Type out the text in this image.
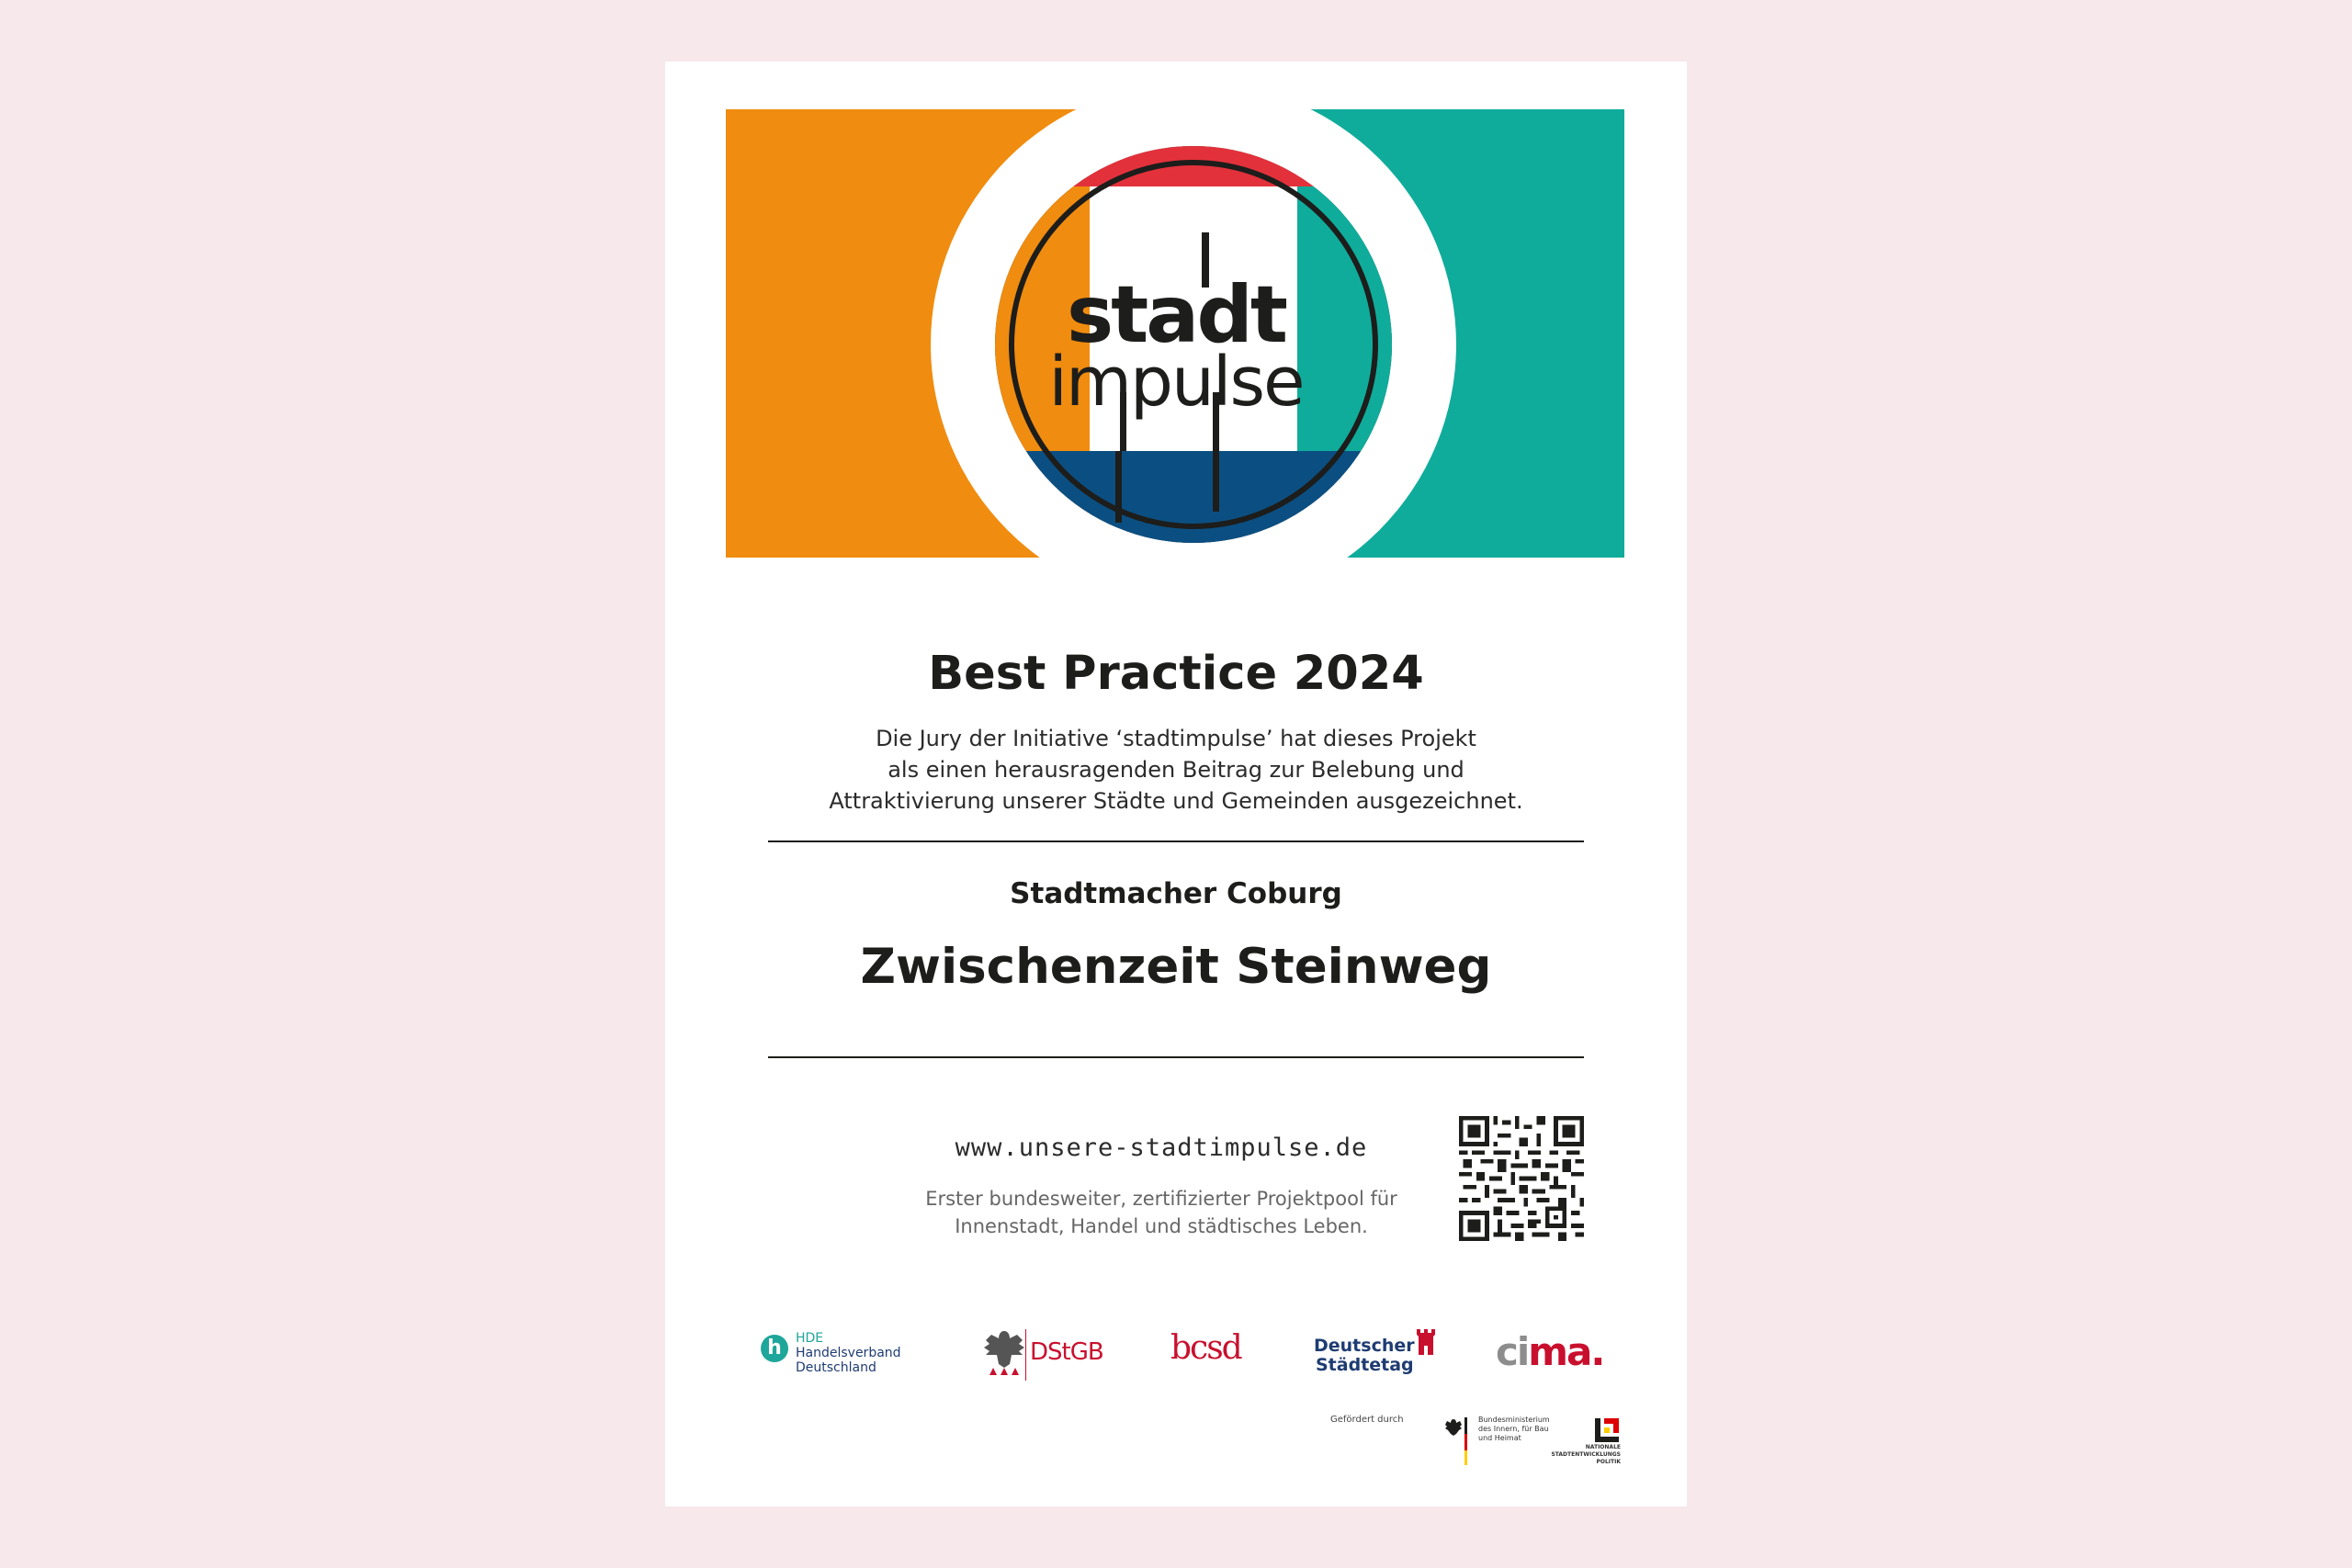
stadt
impulse
Best Practice 2024
Die Jury der Initiative ‘stadtimpulse’ hat dieses Projekt
als einen herausragenden Beitrag zur Belebung und
Attraktivierung unserer Städte und Gemeinden ausgezeichnet.
Stadtmacher Coburg
Zwischenzeit Steinweg
www.unsere-stadtimpulse.de
Erster bundesweiter, zertifizierter Projektpool für
Innenstadt, Handel und städtisches Leben.
h	HDE
Handelsverband
Deutschland
DStGB bcsd	Deutscher
Städtetag cima.
Gefördert durch	Bundesministerium
des Innern, für Bau
und Heimat
NATIONALE
STADTENTWICKLUNGS
POLITIK
